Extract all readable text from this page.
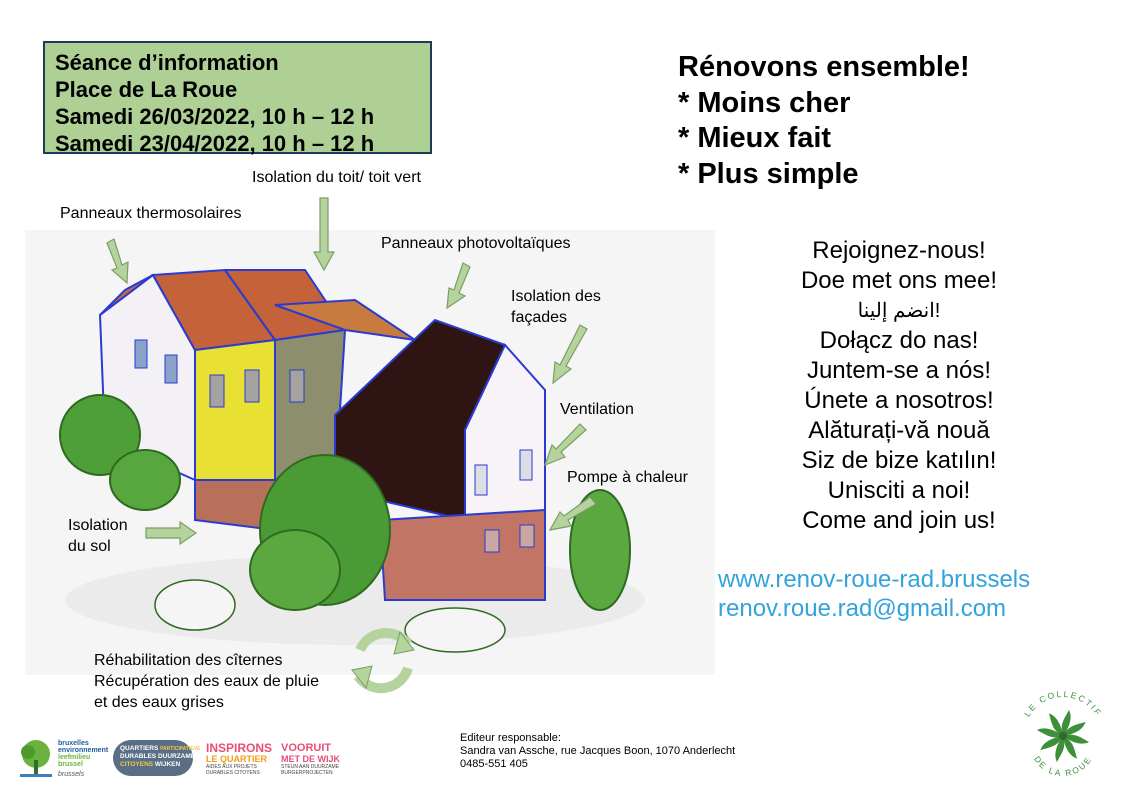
Séance d’information
Place de La Roue
Samedi 26/03/2022, 10 h – 12 h
Samedi 23/04/2022, 10 h – 12 h
Rénovons ensemble!
* Moins cher
* Mieux fait
* Plus simple
Rejoignez-nous!
Doe met ons mee!
انضم إلينا!
Dołącz do nas!
Juntem-se a nós!
Únete a nosotros!
Alăturați-vă nouă
Siz de bize katılın!
Unisciti a noi!
Come and join us!
www.renov-roue-rad.brussels
renov.roue.rad@gmail.com
Isolation du toit/ toit vert
Panneaux thermosolaires
Panneaux photovoltaïques
Isolation des
façades
Ventilation
Pompe à chaleur
Isolation
du sol
Réhabilitation des cîternes
Récupération des eaux de pluie
et des eaux grises
Editeur responsable:
Sandra van Assche, rue Jacques Boon, 1070 Anderlecht
0485-551 405
bruxelles
environnement
leefmilieu
brussel
brussels
QUARTIERS PARTICIPATIEVE
DURABLES DUURZAME
CITOYENS WIJKEN
INSPIRONS
LE QUARTIER
AIDES AUX PROJETS
DURABLES CITOYENS
VOORUIT
MET DE WIJK
STEUN AAN DUURZAME
BURGERPROJECTEN
LE COLLECTIF
DE LA ROUE
